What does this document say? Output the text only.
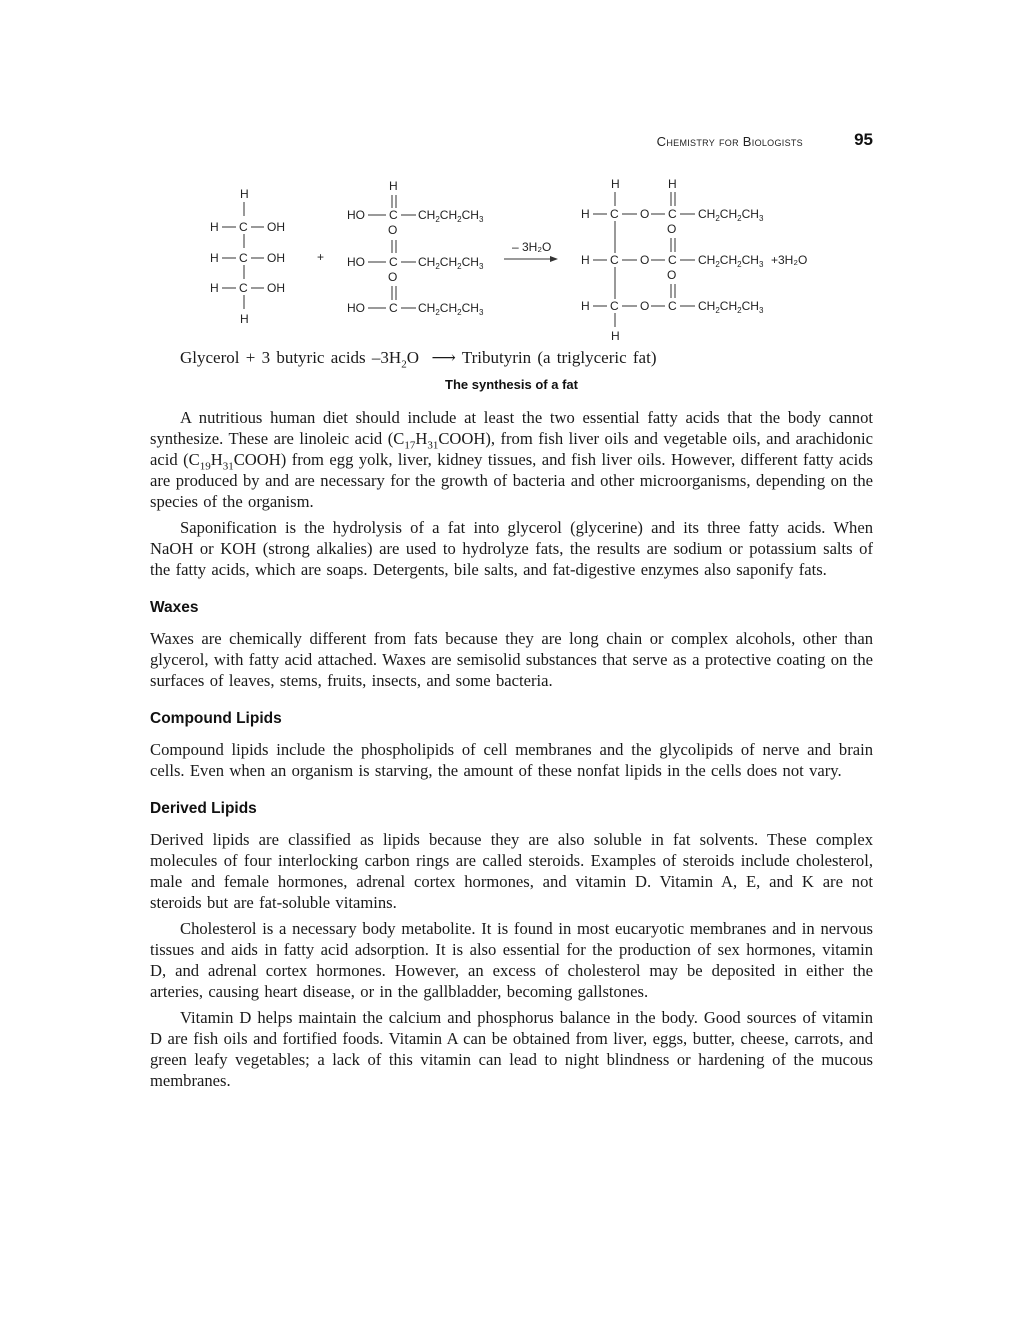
Chemistry for Biologists	95
H
H C OH
H C OH
H C OH
H
+
H
HO C $CH_2CH_2CH_3$
O
HO C $CH_2CH_2CH_3$
O
HO C $CH_2CH_2CH_3$
– 3H₂O
H	H
H C O C $CH_2CH_2CH_3$
O
H C O C $CH_2CH_2CH_3 +3H_2O$
O
H C O C $CH_2CH_2CH_3$
H
Glycerol + 3 butyric acids $-3H_2O$ ⟶ Tributyrin (a triglyceric fat)
The synthesis of a fat

A nutritious human diet should include at least the two essential fatty acids that the body cannot synthesize. These are linoleic acid $(C_{17}H_{31}COOH)$, from fish liver oils and vegetable oils, and arachidonic acid $(C_{19}H_{31}COOH)$ from egg yolk, liver, kidney tissues, and fish liver oils. However, different fatty acids are produced by and are necessary for the growth of bacteria and other microorganisms, depending on the species of the organism.

Saponification is the hydrolysis of a fat into glycerol (glycerine) and its three fatty acids. When NaOH or KOH (strong alkalies) are used to hydrolyze fats, the results are sodium or potassium salts of the fatty acids, which are soaps. Detergents, bile salts, and fat-digestive enzymes also saponify fats.

Waxes

Waxes are chemically different from fats because they are long chain or complex alcohols, other than glycerol, with fatty acid attached. Waxes are semisolid substances that serve as a protective coating on the surfaces of leaves, stems, fruits, insects, and some bacteria.

Compound Lipids

Compound lipids include the phospholipids of cell membranes and the glycolipids of nerve and brain cells. Even when an organism is starving, the amount of these nonfat lipids in the cells does not vary.

Derived Lipids

Derived lipids are classified as lipids because they are also soluble in fat solvents. These complex molecules of four interlocking carbon rings are called steroids. Examples of steroids include cholesterol, male and female hormones, adrenal cortex hormones, and vitamin D. Vitamin A, E, and K are not steroids but are fat-soluble vitamins.

Cholesterol is a necessary body metabolite. It is found in most eucaryotic membranes and in nervous tissues and aids in fatty acid adsorption. It is also essential for the production of sex hormones, vitamin D, and adrenal cortex hormones. However, an excess of cholesterol may be deposited in either the arteries, causing heart disease, or in the gallbladder, becoming gallstones.

Vitamin D helps maintain the calcium and phosphorus balance in the body. Good sources of vitamin D are fish oils and fortified foods. Vitamin A can be obtained from liver, eggs, butter, cheese, carrots, and green leafy vegetables; a lack of this vitamin can lead to night blindness or hardening of the mucous membranes.
